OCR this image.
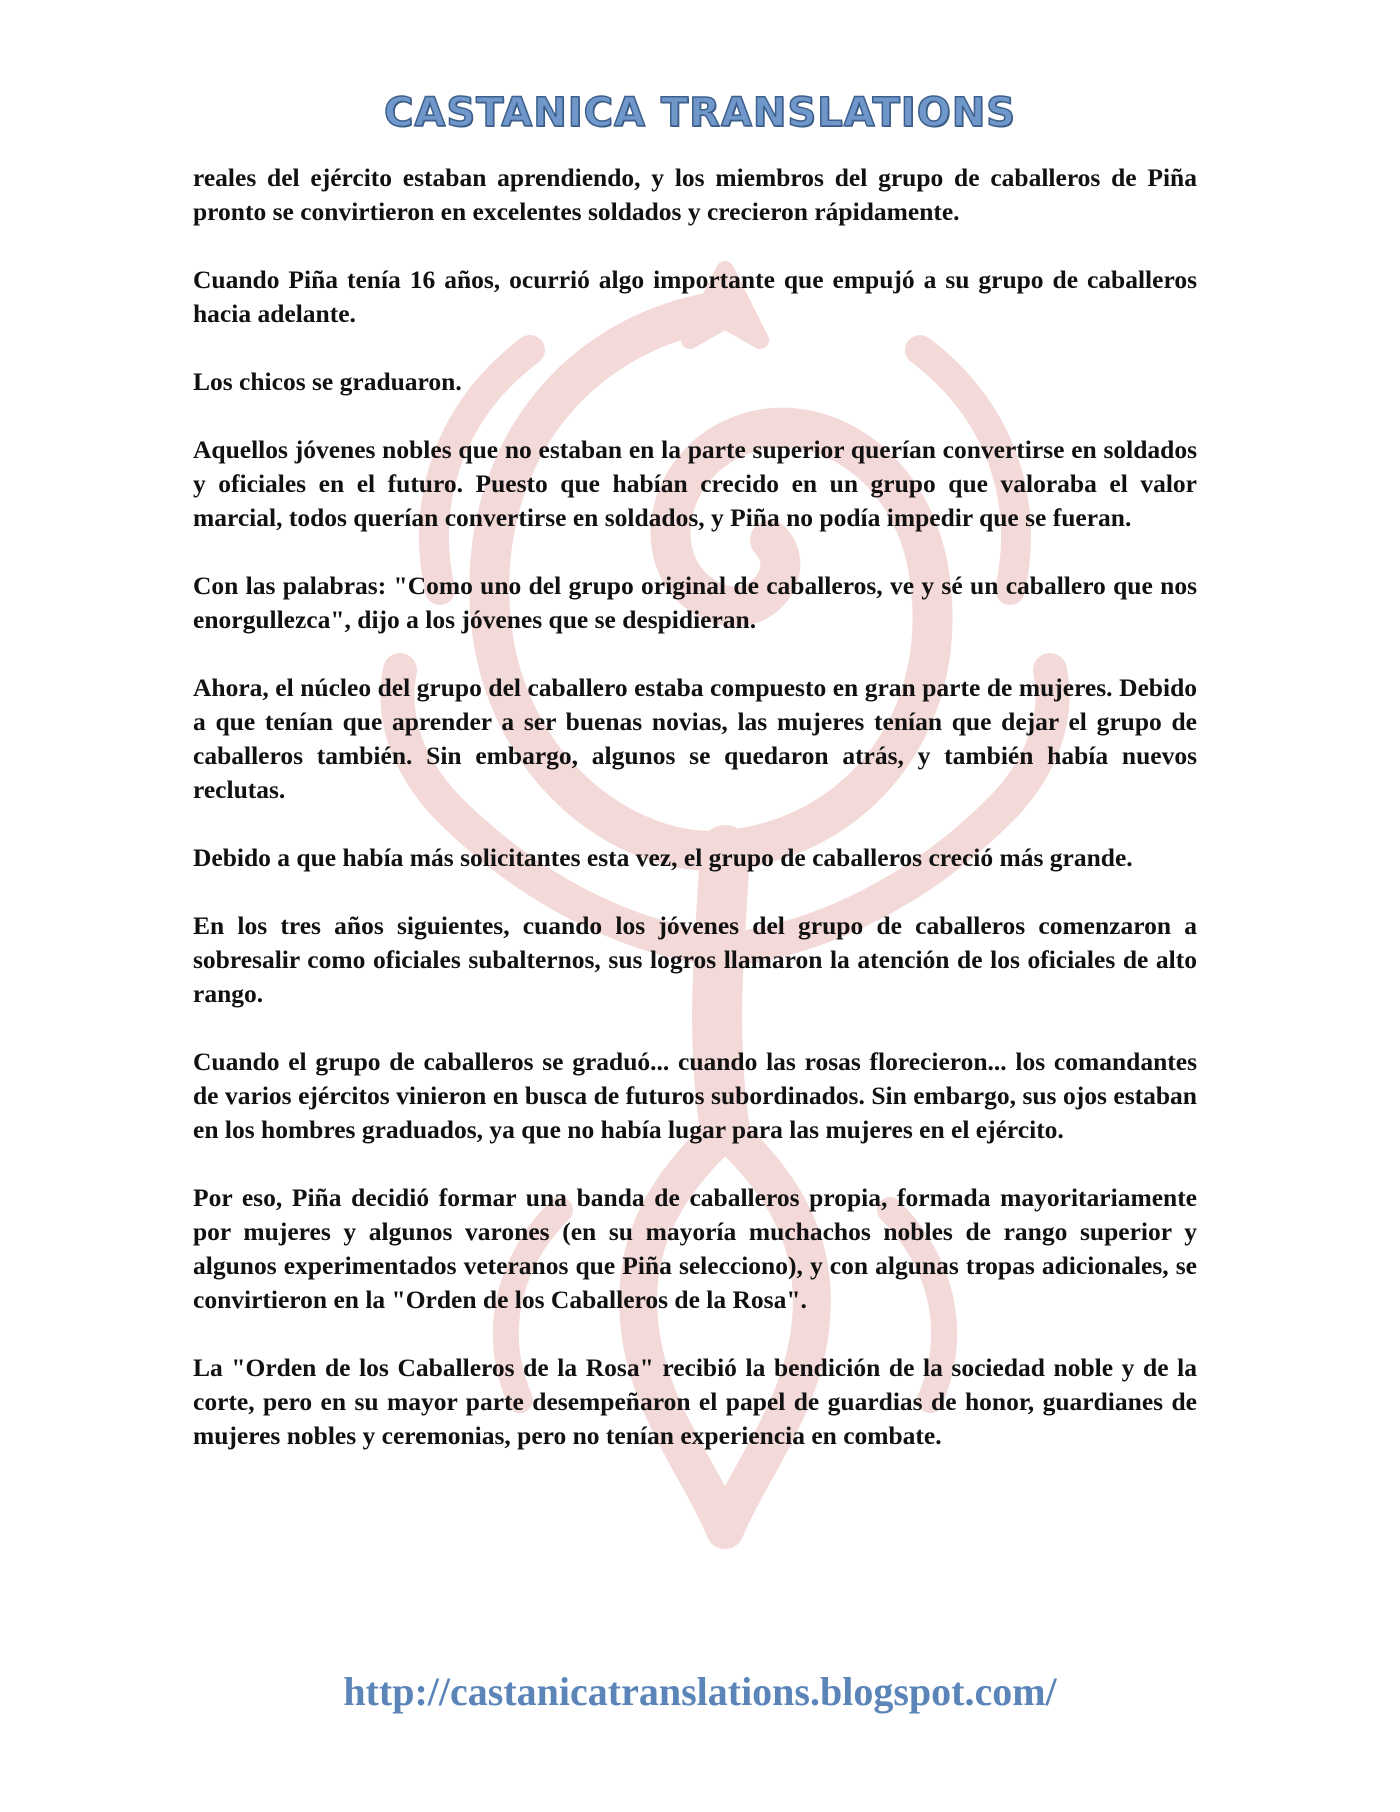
CASTANICA TRANSLATIONS

reales del ejército estaban aprendiendo, y los miembros del grupo de caballeros de Piña pronto se convirtieron en excelentes soldados y crecieron rápidamente.

Cuando Piña tenía 16 años, ocurrió algo importante que empujó a su grupo de caballeros hacia adelante.

Los chicos se graduaron.

Aquellos jóvenes nobles que no estaban en la parte superior querían convertirse en soldados y oficiales en el futuro. Puesto que habían crecido en un grupo que valoraba el valor marcial, todos querían convertirse en soldados, y Piña no podía impedir que se fueran.

Con las palabras: "Como uno del grupo original de caballeros, ve y sé un caballero que nos enorgullezca", dijo a los jóvenes que se despidieran.

Ahora, el núcleo del grupo del caballero estaba compuesto en gran parte de mujeres. Debido a que tenían que aprender a ser buenas novias, las mujeres tenían que dejar el grupo de caballeros también. Sin embargo, algunos se quedaron atrás, y también había nuevos reclutas.

Debido a que había más solicitantes esta vez, el grupo de caballeros creció más grande.

En los tres años siguientes, cuando los jóvenes del grupo de caballeros comenzaron a sobresalir como oficiales subalternos, sus logros llamaron la atención de los oficiales de alto rango.

Cuando el grupo de caballeros se graduó... cuando las rosas florecieron... los comandantes de varios ejércitos vinieron en busca de futuros subordinados. Sin embargo, sus ojos estaban en los hombres graduados, ya que no había lugar para las mujeres en el ejército.

Por eso, Piña decidió formar una banda de caballeros propia, formada mayoritariamente por mujeres y algunos varones (en su mayoría muchachos nobles de rango superior y algunos experimentados veteranos que Piña selecciono), y con algunas tropas adicionales, se convirtieron en la "Orden de los Caballeros de la Rosa".

La "Orden de los Caballeros de la Rosa" recibió la bendición de la sociedad noble y de la corte, pero en su mayor parte desempeñaron el papel de guardias de honor, guardianes de mujeres nobles y ceremonias, pero no tenían experiencia en combate.

http://castanicatranslations.blogspot.com/
